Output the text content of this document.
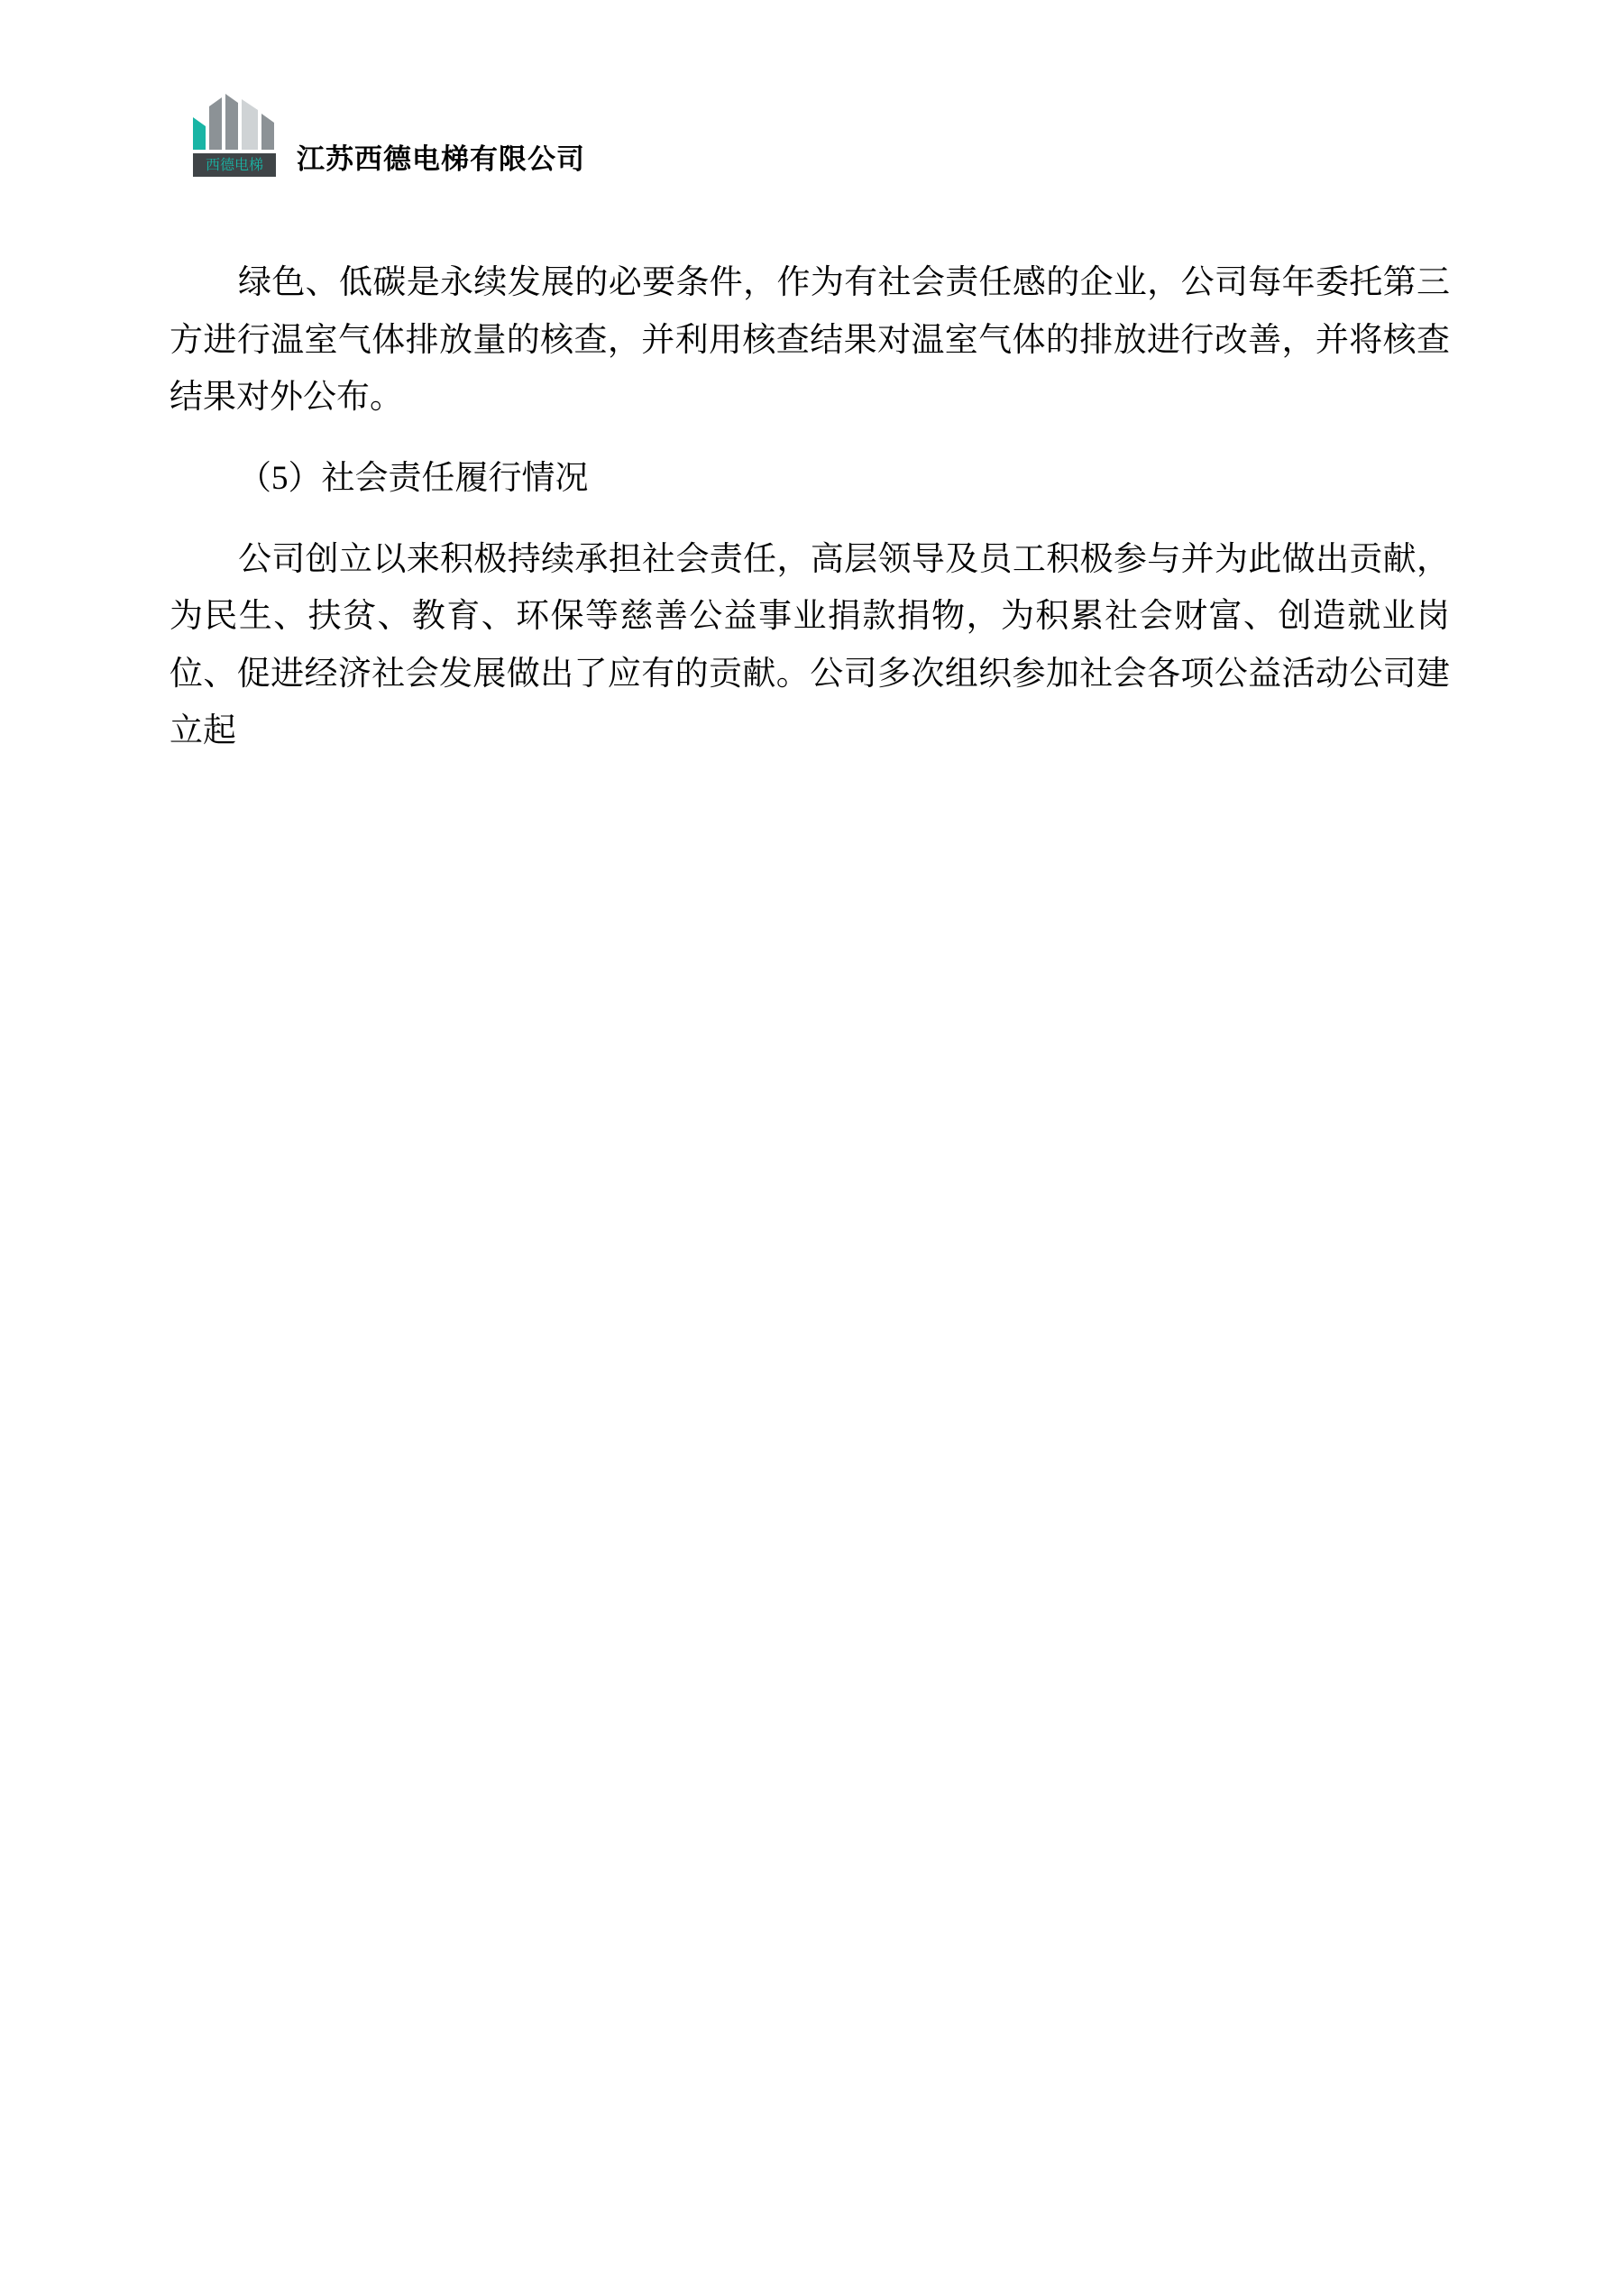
西德电梯 江苏西德电梯有限公司

绿色、低碳是永续发展的必要条件，作为有社会责任感的企业，公司每年委托第三方进行温室气体排放量的核查，并利用核查结果对温室气体的排放进行改善，并将核查结果对外公布。

（5）社会责任履行情况

公司创立以来积极持续承担社会责任，高层领导及员工积极参与并为此做出贡献，为民生、扶贫、教育、环保等慈善公益事业捐款捐物，为积累社会财富、创造就业岗位、促进经济社会发展做出了应有的贡献。公司多次组织参加社会各项公益活动公司建立起
